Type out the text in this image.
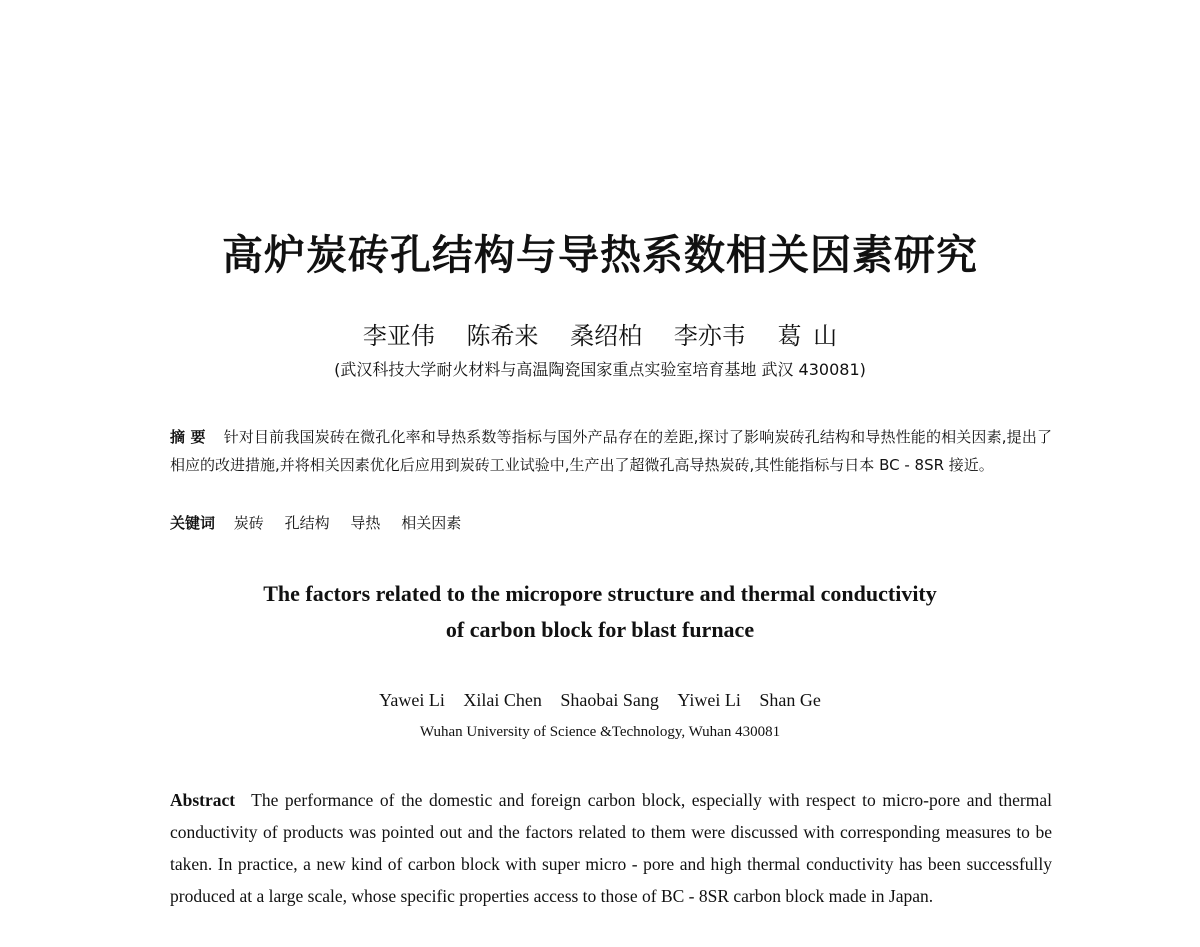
高炉炭砖孔结构与导热系数相关因素研究
李亚伟 陈希来 桑绍柏 李亦韦 葛 山
(武汉科技大学耐火材料与高温陶瓷国家重点实验室培育基地 武汉 430081)
摘 要 针对目前我国炭砖在微孔化率和导热系数等指标与国外产品存在的差距,探讨了影响炭砖孔结构和导热性能的相关因素,提出了相应的改进措施,并将相关因素优化后应用到炭砖工业试验中,生产出了超微孔高导热炭砖,其性能指标与日本 BC - 8SR 接近。
关键词 炭砖 孔结构 导热 相关因素
The factors related to the micropore structure and thermal conductivity
of carbon block for blast furnace
Yawei Li Xilai Chen Shaobai Sang Yiwei Li Shan Ge
Wuhan University of Science &Technology, Wuhan 430081
Abstract The performance of the domestic and foreign carbon block, especially with respect to micro-pore and thermal conductivity of products was pointed out and the factors related to them were discussed with corresponding measures to be taken. In practice, a new kind of carbon block with super micro - pore and high thermal conductivity has been successfully produced at a large scale, whose specific properties access to those of BC - 8SR carbon block made in Japan.
